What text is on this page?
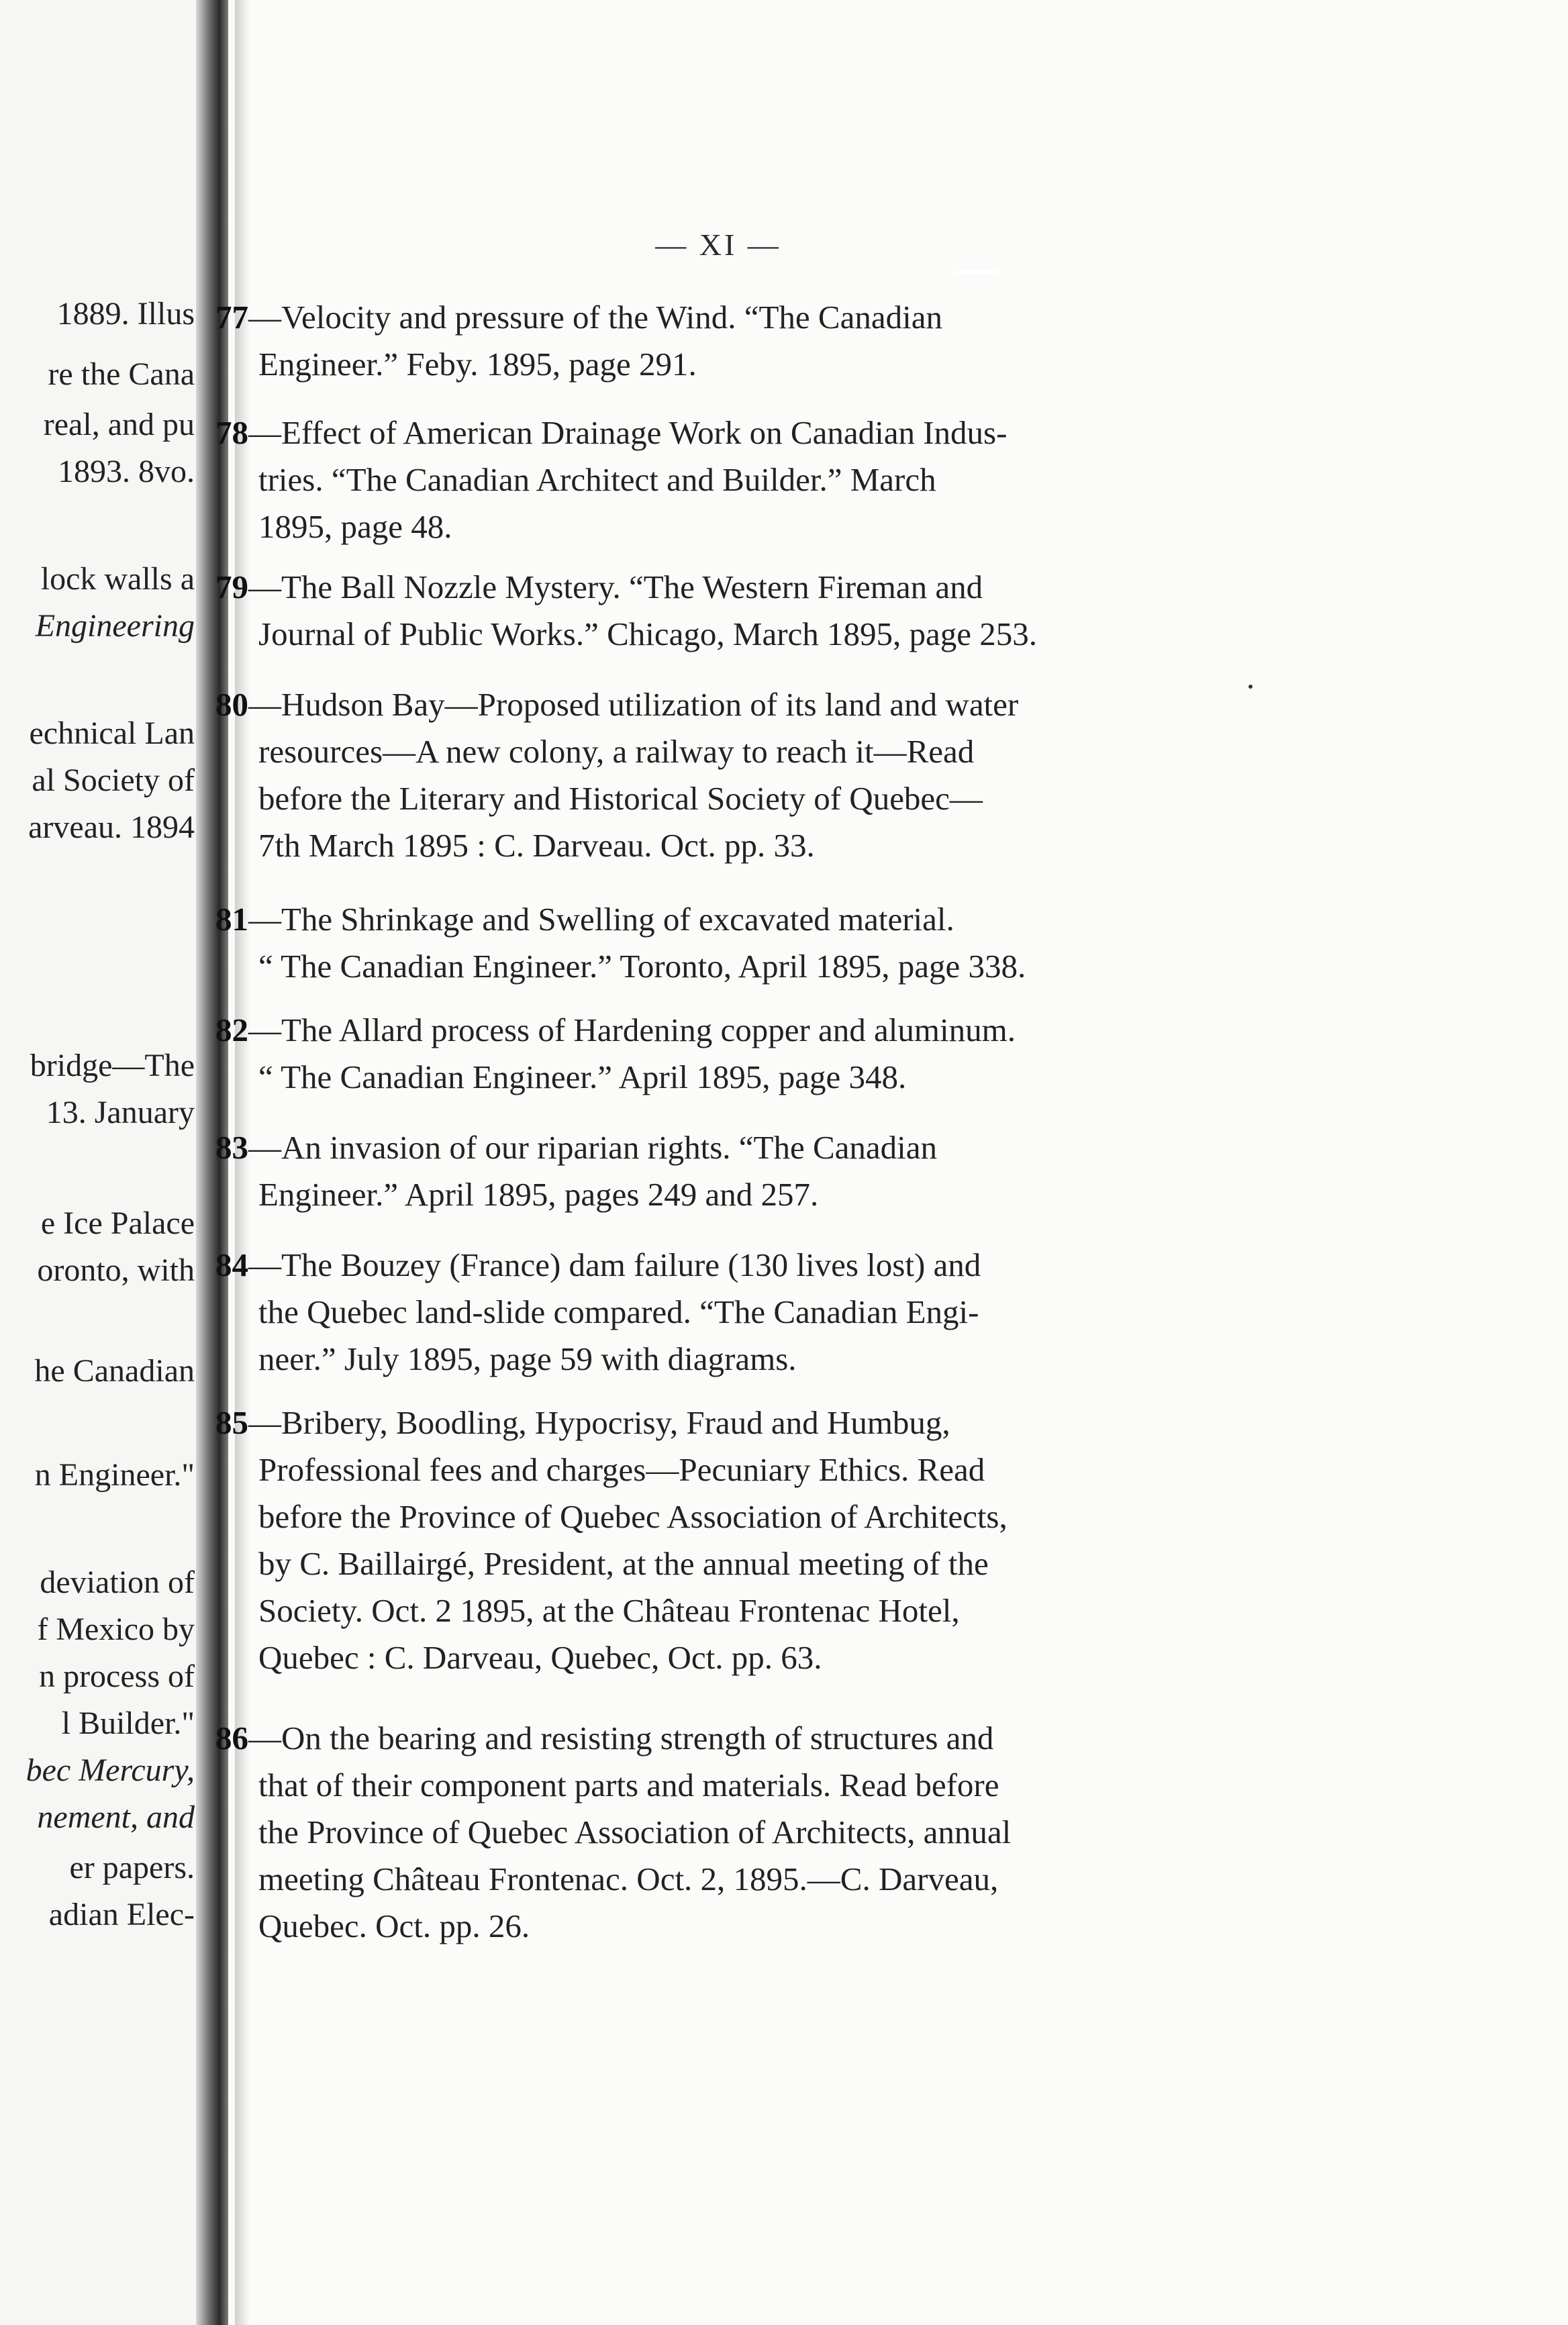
— XI —
1889. Illus
re the Cana
real, and pu
1893. 8vo.
lock walls a
Engineering
echnical Lan
al Society of
arveau. 1894
bridge—The
13. January
e Ice Palace
oronto, with
he Canadian
n Engineer."
deviation of
f Mexico by
n process of
l Builder."
bec Mercury,
nement, and
er papers.
adian Elec-
77—Velocity and pressure of the Wind. “The Canadian
Engineer.” Feby. 1895, page 291.
78—Effect of American Drainage Work on Canadian Indus-
tries. “The Canadian Architect and Builder.” March
1895, page 48.
79—The Ball Nozzle Mystery. “The Western Fireman and
Journal of Public Works.” Chicago, March 1895, page 253.
80—Hudson Bay—Proposed utilization of its land and water
resources—A new colony, a railway to reach it—Read
before the Literary and Historical Society of Quebec—
7th March 1895 : C. Darveau. Oct. pp. 33.
81—The Shrinkage and Swelling of excavated material.
“ The Canadian Engineer.” Toronto, April 1895, page 338.
82—The Allard process of Hardening copper and aluminum.
“ The Canadian Engineer.” April 1895, page 348.
83—An invasion of our riparian rights. “The Canadian
Engineer.” April 1895, pages 249 and 257.
84—The Bouzey (France) dam failure (130 lives lost) and
the Quebec land-slide compared. “The Canadian Engi-
neer.” July 1895, page 59 with diagrams.
85—Bribery, Boodling, Hypocrisy, Fraud and Humbug,
Professional fees and charges—Pecuniary Ethics. Read
before the Province of Quebec Association of Architects,
by C. Baillairgé, President, at the annual meeting of the
Society. Oct. 2 1895, at the Château Frontenac Hotel,
Quebec : C. Darveau, Quebec, Oct. pp. 63.
86—On the bearing and resisting strength of structures and
that of their component parts and materials. Read before
the Province of Quebec Association of Architects, annual
meeting Château Frontenac. Oct. 2, 1895.—C. Darveau,
Quebec. Oct. pp. 26.
